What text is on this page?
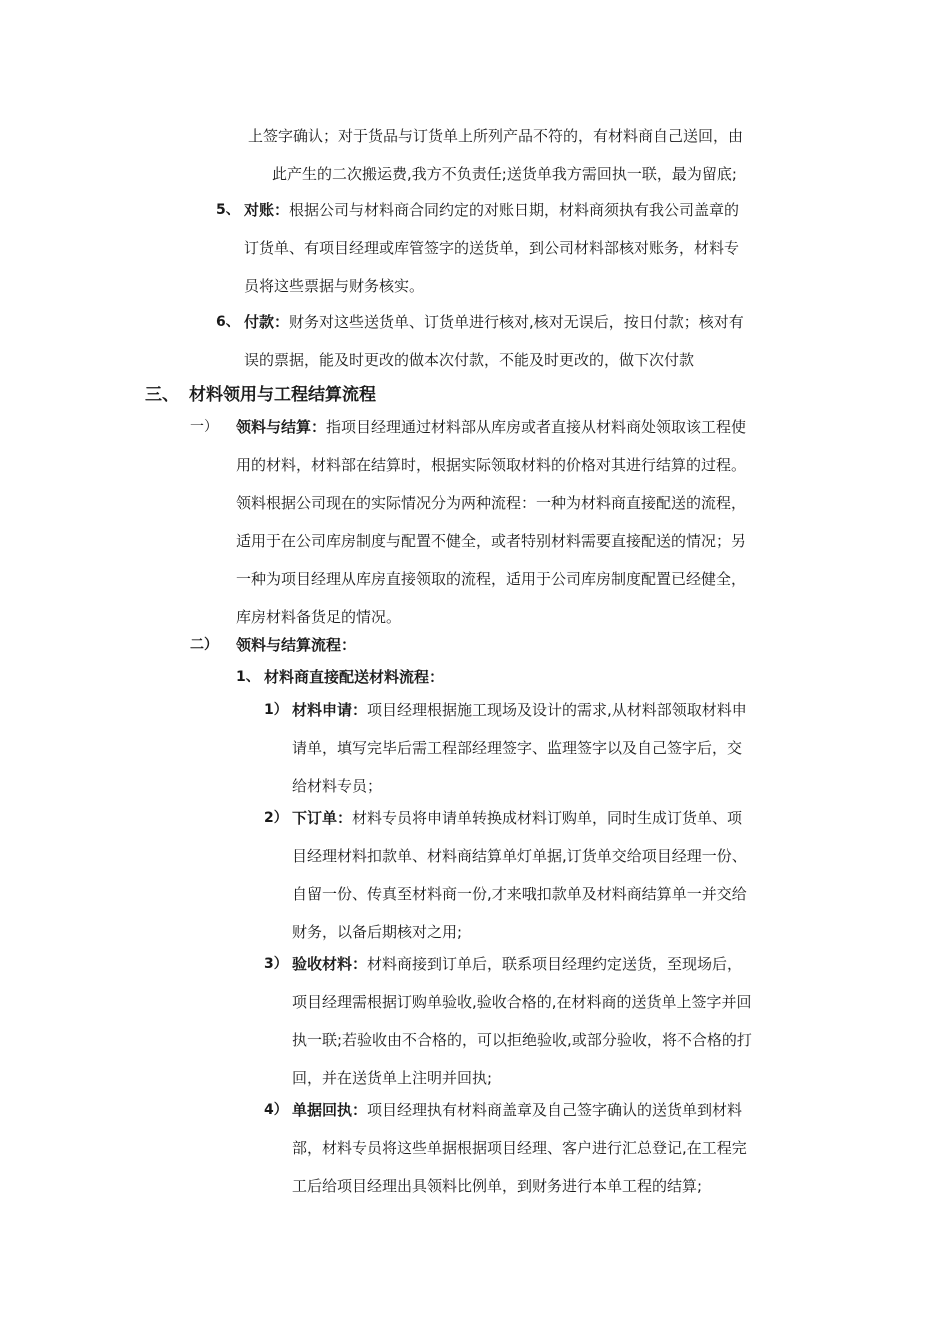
上签字确认；对于货品与订货单上所列产品不符的，有材料商自己送回，由
此产生的二次搬运费,我方不负责任;送货单我方需回执一联，最为留底;
5、 对账：根据公司与材料商合同约定的对账日期，材料商须执有我公司盖章的
订货单、有项目经理或库管签字的送货单，到公司材料部核对账务，材料专
员将这些票据与财务核实。
6、 付款：财务对这些送货单、订货单进行核对,核对无误后，按日付款；核对有
误的票据，能及时更改的做本次付款，不能及时更改的，做下次付款
三、 材料领用与工程结算流程
一） 领料与结算：指项目经理通过材料部从库房或者直接从材料商处领取该工程使
用的材料，材料部在结算时，根据实际领取材料的价格对其进行结算的过程。
领料根据公司现在的实际情况分为两种流程：一种为材料商直接配送的流程，
适用于在公司库房制度与配置不健全，或者特别材料需要直接配送的情况；另
一种为项目经理从库房直接领取的流程，适用于公司库房制度配置已经健全，
库房材料备货足的情况。
二） 领料与结算流程：
1、 材料商直接配送材料流程：
1） 材料申请：项目经理根据施工现场及设计的需求,从材料部领取材料申
请单，填写完毕后需工程部经理签字、监理签字以及自己签字后，交
给材料专员；
2） 下订单：材料专员将申请单转换成材料订购单，同时生成订货单、项
目经理材料扣款单、材料商结算单灯单据,订货单交给项目经理一份、
自留一份、传真至材料商一份,才来哦扣款单及材料商结算单一并交给
财务，以备后期核对之用;
3） 验收材料：材料商接到订单后，联系项目经理约定送货，至现场后，
项目经理需根据订购单验收,验收合格的,在材料商的送货单上签字并回
执一联;若验收由不合格的，可以拒绝验收,或部分验收，将不合格的打
回，并在送货单上注明并回执;
4） 单据回执：项目经理执有材料商盖章及自己签字确认的送货单到材料
部，材料专员将这些单据根据项目经理、客户进行汇总登记,在工程完
工后给项目经理出具领料比例单，到财务进行本单工程的结算;
